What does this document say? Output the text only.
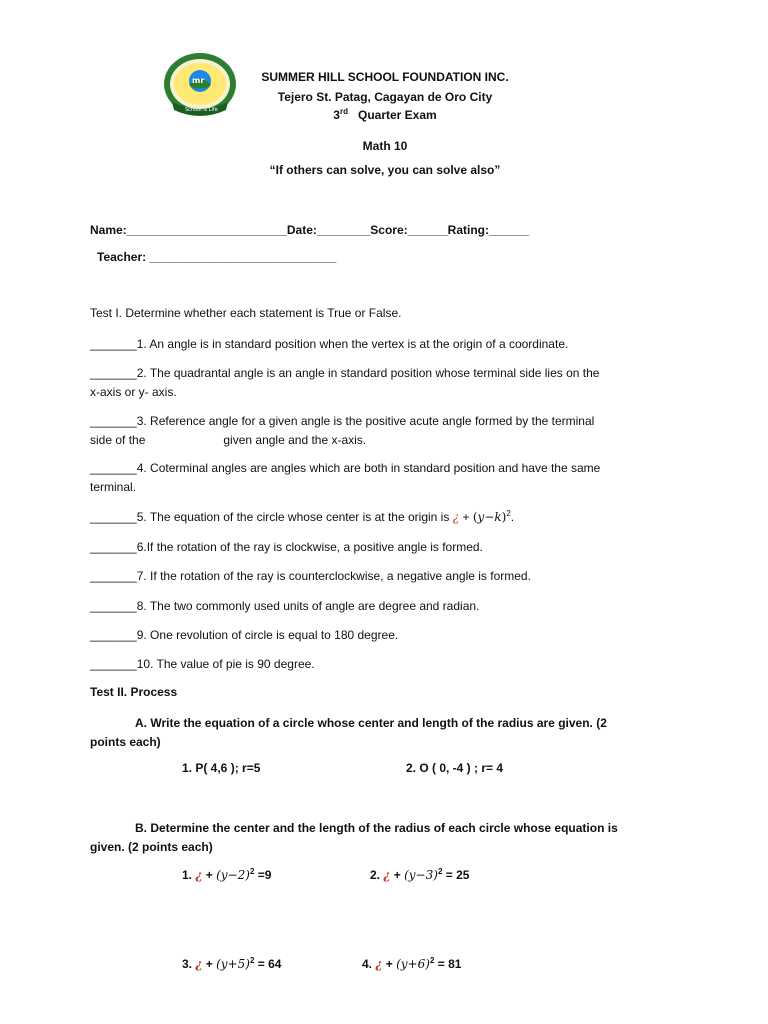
mr
School is Life
SUMMER HILL SCHOOL FOUNDATION INC.
Tejero St. Patag, Cagayan de Oro City
3rd Quarter Exam
Math 10
“If others can solve, you can solve also”
Name:________________________Date:________Score:______Rating:______
Teacher: ____________________________
Test I. Determine whether each statement is True or False.
_______1. An angle is in standard position when the vertex is at the origin of a coordinate.
_______2. The quadrantal angle is an angle in standard position whose terminal side lies on the
x-axis or y- axis.
_______3. Reference angle for a given angle is the positive acute angle formed by the terminal
side of the	given angle and the x-axis.
_______4. Coterminal angles are angles which are both in standard position and have the same
terminal.
_______5. The equation of the circle whose center is at the origin is ¿ + $(y-k)^2$.
_______6.If the rotation of the ray is clockwise, a positive angle is formed.
_______7. If the rotation of the ray is counterclockwise, a negative angle is formed.
_______8. The two commonly used units of angle are degree and radian.
_______9. One revolution of circle is equal to 180 degree.
_______10. The value of pie is 90 degree.
Test II. Process
A. Write the equation of a circle whose center and length of the radius are given. (2
points each)
1. P( 4,6 ); r=5	2. O ( 0, -4 ) ; r= 4
B. Determine the center and the length of the radius of each circle whose equation is
given. (2 points each)
1. ¿ + $(y-2)^2 =9$	2. ¿ + $(y-3)^2 = 25$
3. ¿ + $(y+5)^2 = 64$	4. ¿ + $(y+6)^2 = 81$
